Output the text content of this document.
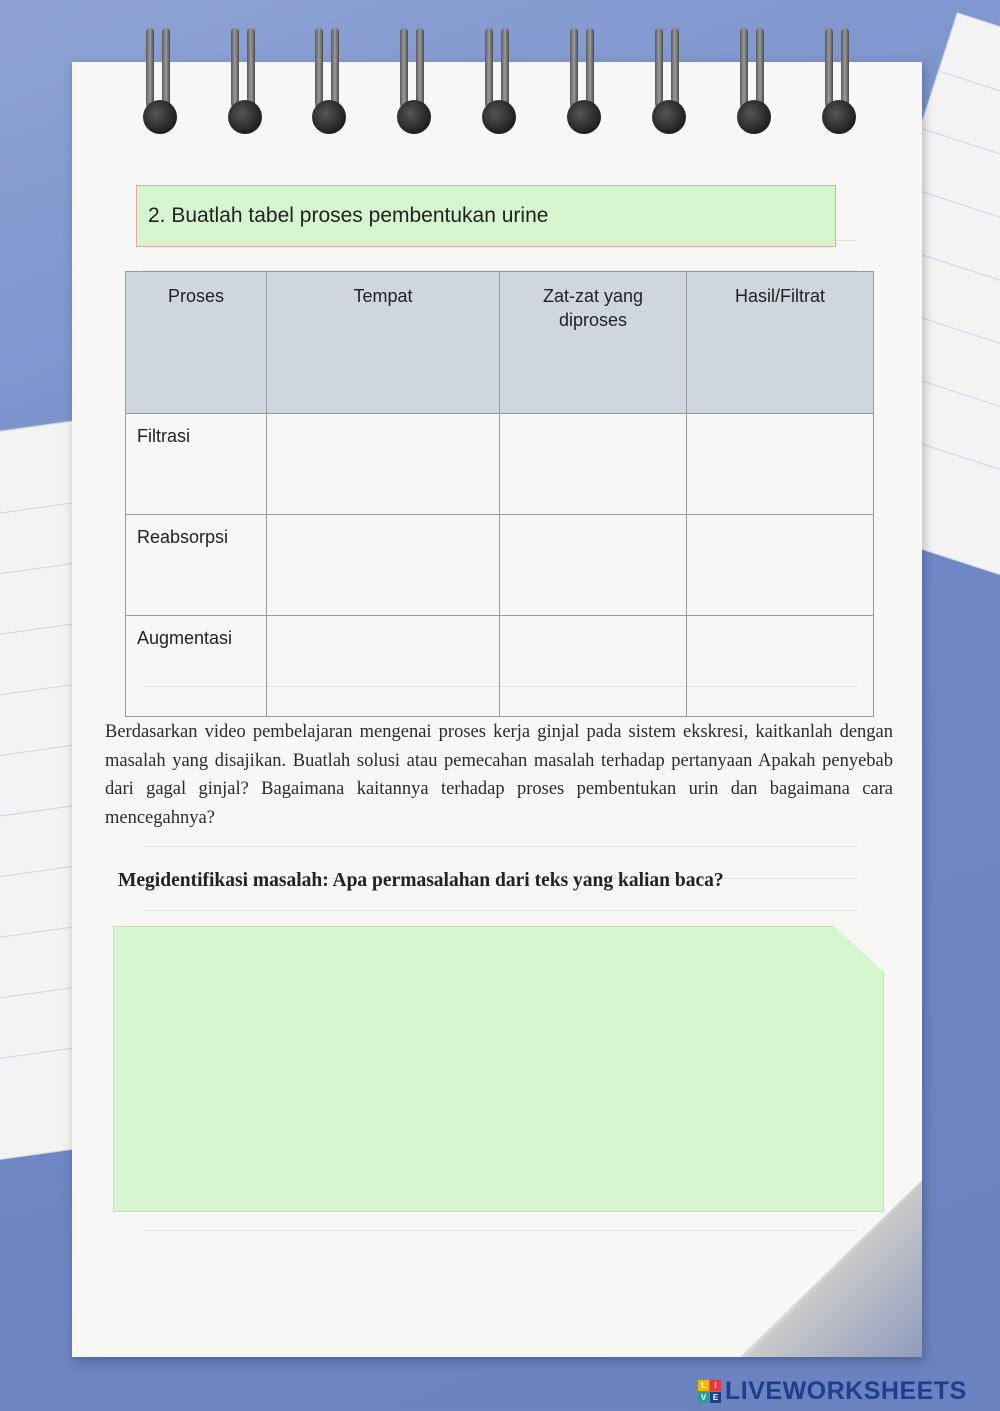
2. Buatlah tabel proses pembentukan urine
Proses	Tempat	Zat-zat yang diproses	Hasil/Filtrat
Filtrasi			
Reabsorpsi			
Augmentasi			
Berdasarkan video pembelajaran mengenai proses kerja ginjal pada sistem ekskresi, kaitkanlah dengan masalah yang disajikan. Buatlah solusi atau pemecahan masalah terhadap pertanyaan Apakah penyebab dari gagal ginjal? Bagaimana kaitannya terhadap proses pembentukan urin dan bagaimana cara mencegahnya?
Megidentifikasi masalah: Apa permasalahan dari teks yang kalian baca?
L	I
V E LIVEWORKSHEETS
